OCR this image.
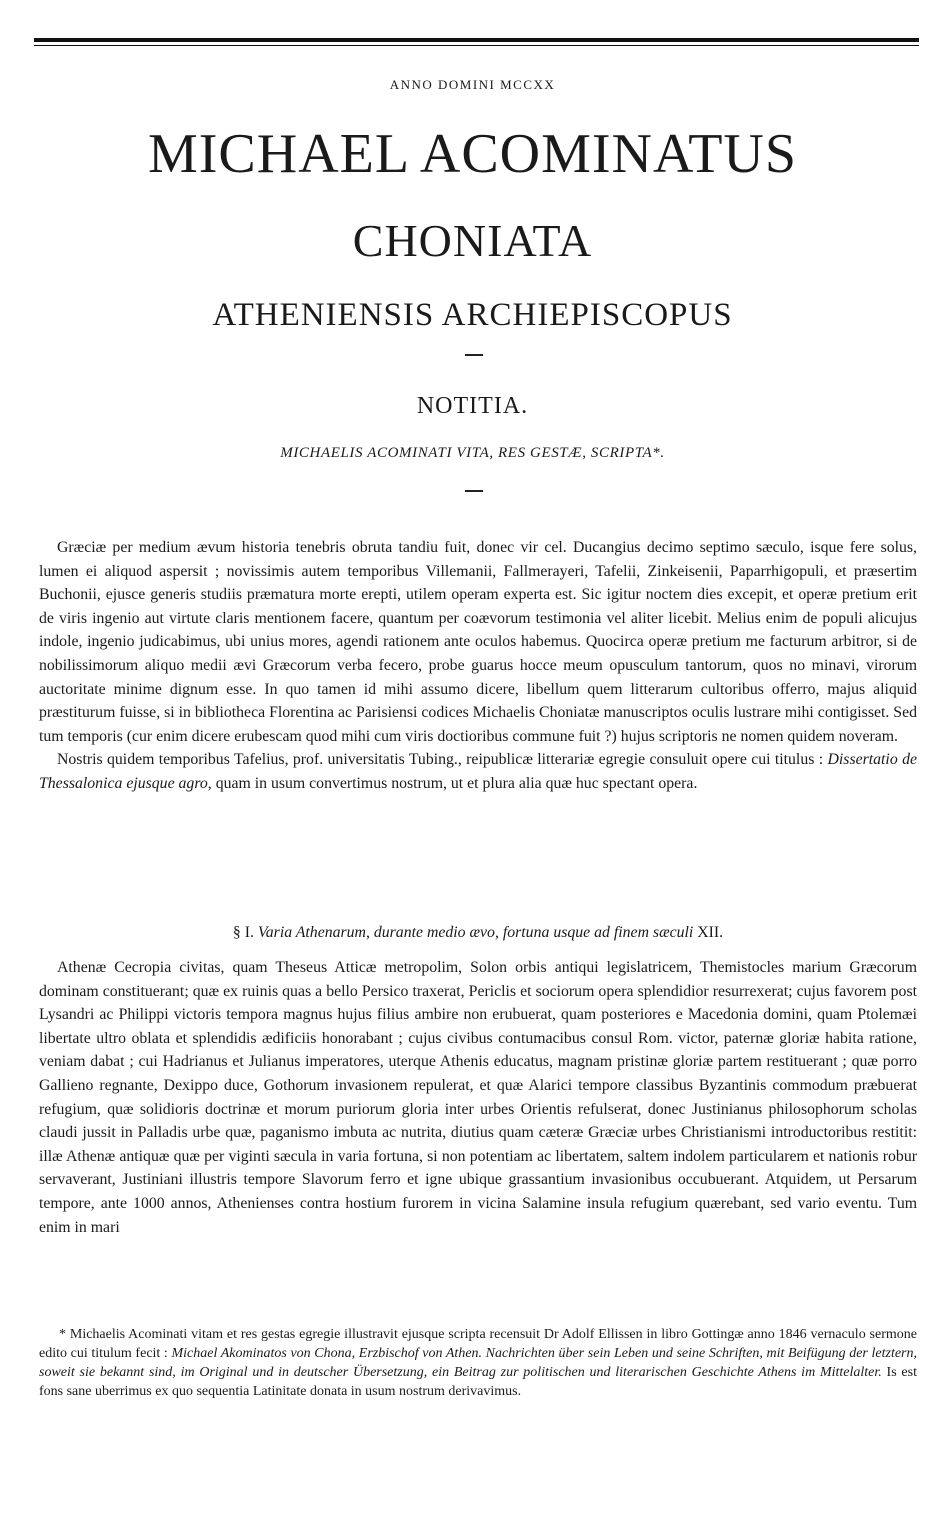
ANNO DOMINI MCCXX
MICHAEL ACOMINATUS
CHONIATA
ATHENIENSIS ARCHIEPISCOPUS
NOTITIA.
MICHAELIS ACOMINATI VITA, RES GESTÆ, SCRIPTA*.

Græciæ per medium ævum historia tenebris obruta tandiu fuit, donec vir cel. Ducangius decimo septimo sæculo, isque fere solus, lumen ei aliquod aspersit ; novissimis autem temporibus Villemanii, Fallmerayeri, Tafelii, Zinkeisenii, Paparrhigopuli, et præsertim Buchonii, ejusce generis studiis præmatura morte erepti, utilem operam experta est. Sic igitur noctem dies excepit, et operæ pretium erit de viris ingenio aut virtute claris mentionem facere, quantum per coævorum testimonia vel aliter licebit. Melius enim de populi alicujus indole, ingenio judicabimus, ubi unius mores, agendi rationem ante oculos habemus. Quocirca operæ pretium me facturum arbitror, si de nobilissimorum aliquo medii ævi Græcorum verba fecero, probe guarus hocce meum opusculum tantorum, quos no minavi, virorum auctoritate minime dignum esse. In quo tamen id mihi assumo dicere, libellum quem litterarum cultoribus offerro, majus aliquid præstiturum fuisse, si in bibliotheca Florentina ac Parisiensi codices Michaelis Choniatæ manuscriptos oculis lustrare mihi contigisset. Sed tum temporis (cur enim dicere erubescam quod mihi cum viris doctioribus commune fuit ?) hujus scriptoris ne nomen quidem noveram.

Nostris quidem temporibus Tafelius, prof. universitatis Tubing., reipublicæ litterariæ egregie consuluit opere cui titulus : Dissertatio de Thessalonica ejusque agro, quam in usum convertimus nostrum, ut et plura alia quæ huc spectant opera.

§ I. Varia Athenarum, durante medio ævo, fortuna usque ad finem sæculi XII.

Athenæ Cecropia civitas, quam Theseus Atticæ metropolim, Solon orbis antiqui legislatricem, Themistocles marium Græcorum dominam constituerant; quæ ex ruinis quas a bello Persico traxerat, Periclis et sociorum opera splendidior resurrexerat; cujus favorem post Lysandri ac Philippi victoris tempora magnus hujus filius ambire non erubuerat, quam posteriores e Macedonia domini, quam Ptolemæi libertate ultro oblata et splendidis ædificiis honorabant ; cujus civibus contumacibus consul Rom. victor, paternæ gloriæ habita ratione, veniam dabat ; cui Hadrianus et Julianus imperatores, uterque Athenis educatus, magnam pristinæ gloriæ partem restituerant ; quæ porro Gallieno regnante, Dexippo duce, Gothorum invasionem repulerat, et quæ Alarici tempore classibus Byzantinis commodum præbuerat refugium, quæ solidioris doctrinæ et morum puriorum gloria inter urbes Orientis refulserat, donec Justinianus philosophorum scholas claudi jussit in Palladis urbe quæ, paganismo imbuta ac nutrita, diutius quam cæteræ Græciæ urbes Christianismi introductoribus restitit: illæ Athenæ antiquæ quæ per viginti sæcula in varia fortuna, si non potentiam ac libertatem, saltem indolem particularem et nationis robur servaverant, Justiniani illustris tempore Slavorum ferro et igne ubique grassantium invasionibus occubuerant. Atquidem, ut Persarum tempore, ante 1000 annos, Athenienses contra hostium furorem in vicina Salamine insula refugium quærebant, sed vario eventu. Tum enim in mari

* Michaelis Acominati vitam et res gestas egregie illustravit ejusque scripta recensuit Dr Adolf Ellissen in libro Gottingæ anno 1846 vernaculo sermone edito cui titulum fecit : Michael Akominatos von Chona, Erzbischof von Athen. Nachrichten über sein Leben und seine Schriften, mit Beifügung der letztern, soweit sie bekannt sind, im Original und in deutscher Übersetzung, ein Beitrag zur politischen und literarischen Geschichte Athens im Mittelalter. Is est fons sane uberrimus ex quo sequentia Latinitate donata in usum nostrum derivavimus.
